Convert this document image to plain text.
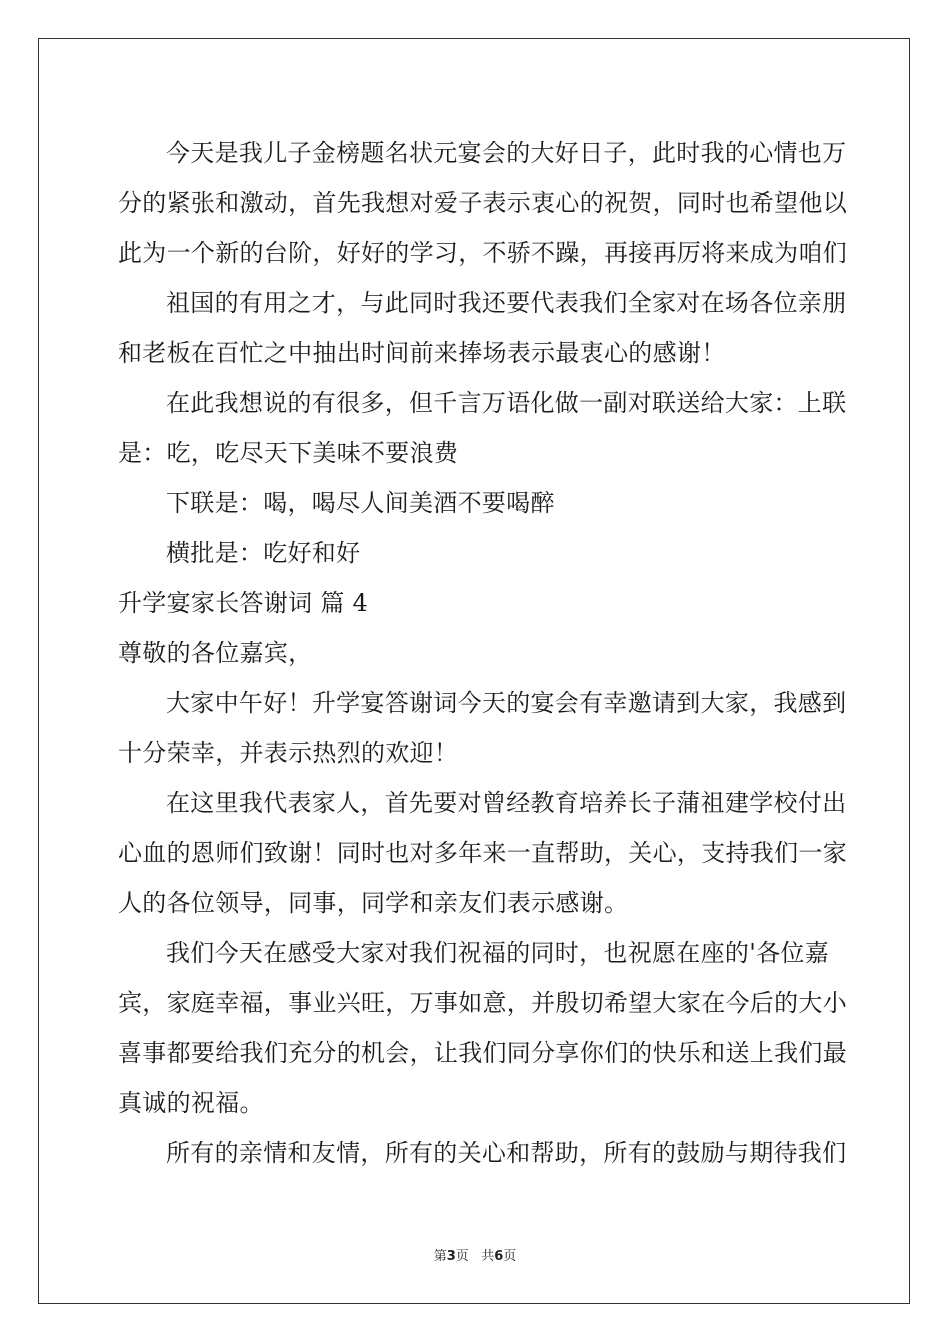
今天是我儿子金榜题名状元宴会的大好日子，此时我的心情也万
分的紧张和激动，首先我想对爱子表示衷心的祝贺，同时也希望他以
此为一个新的台阶，好好的学习，不骄不躁，再接再厉将来成为咱们
祖国的有用之才，与此同时我还要代表我们全家对在场各位亲朋
和老板在百忙之中抽出时间前来捧场表示最衷心的感谢！
在此我想说的有很多，但千言万语化做一副对联送给大家：上联
是：吃，吃尽天下美味不要浪费
下联是：喝，喝尽人间美酒不要喝醉
横批是：吃好和好
升学宴家长答谢词 篇 4
尊敬的各位嘉宾，
大家中午好！升学宴答谢词今天的宴会有幸邀请到大家，我感到
十分荣幸，并表示热烈的欢迎！
在这里我代表家人，首先要对曾经教育培养长子蒲祖建学校付出
心血的恩师们致谢！同时也对多年来一直帮助，关心，支持我们一家
人的各位领导，同事，同学和亲友们表示感谢。
我们今天在感受大家对我们祝福的同时，也祝愿在座的'各位嘉
宾，家庭幸福，事业兴旺，万事如意，并殷切希望大家在今后的大小
喜事都要给我们充分的机会，让我们同分享你们的快乐和送上我们最
真诚的祝福。
所有的亲情和友情，所有的关心和帮助，所有的鼓励与期待我们
第3页 共6页
